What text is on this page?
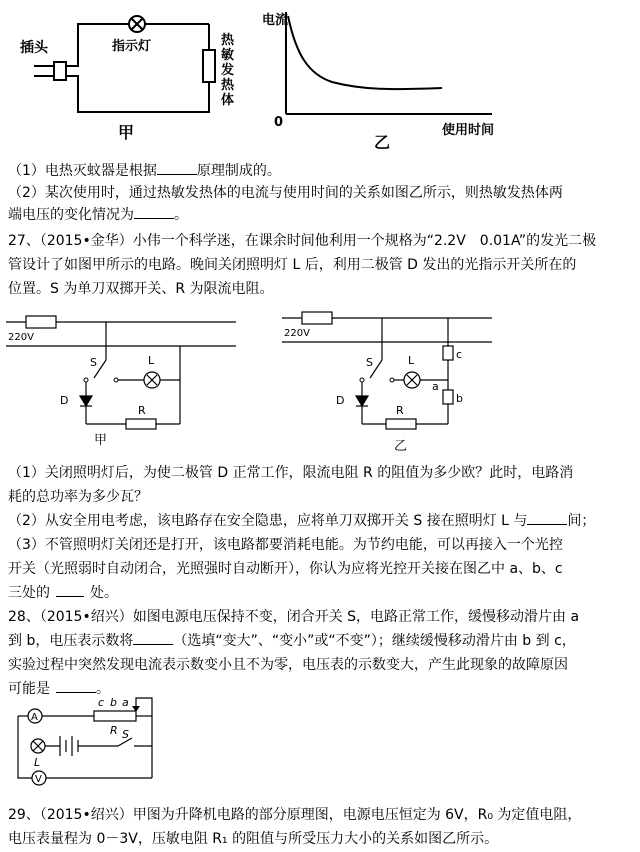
插头	指示灯	热
敏
发
热
体
甲
电流
0
使用时间
乙
（1）电热灭蚊器是根据	原理制成的。
（2）某次使用时，通过热敏发热体的电流与使用时间的关系如图乙所示，则热敏发热体两
端电压的变化情况为	。
27、（2015•金华）小伟一个科学迷，在课余时间他利用一个规格为“2.2V　0.01A”的发光二极
管设计了如图甲所示的电路。晚间关闭照明灯 L 后，利用二极管 D 发出的光指示开关所在的
位置。S 为单刀双掷开关、R 为限流电阻。
220V
S	L
D
R
甲
220V
S	L
D
R
c
a
b
乙
（1）关闭照明灯后，为使二极管 D 正常工作，限流电阻 R 的阻值为多少欧？此时，电路消
耗的总功率为多少瓦？
（2）从安全用电考虑，该电路存在安全隐患，应将单刀双掷开关 S 接在照明灯 L 与	间；
（3）不管照明灯关闭还是打开，该电路都要消耗电能。为节约电能，可以再接入一个光控
开关（光照弱时自动闭合，光照强时自动断开），你认为应将光控开关接在图乙中 a、b、c
三处的	处。
28、（2015•绍兴）如图电源电压保持不变，闭合开关 S，电路正常工作，缓慢移动滑片由 a
到 b，电压表示数将	（选填“变大”、“变小”或“不变”）；继续缓慢移动滑片由 b 到 c，
实验过程中突然发现电流表示数变小且不为零，电压表的示数变大，产生此现象的故障原因
可能是	。
A
V
c b a
R
L
S
29、（2015•绍兴）甲图为升降机电路的部分原理图，电源电压恒定为 6V，R₀ 为定值电阻，
电压表量程为 0－3V，压敏电阻 R₁ 的阻值与所受压力大小的关系如图乙所示。
